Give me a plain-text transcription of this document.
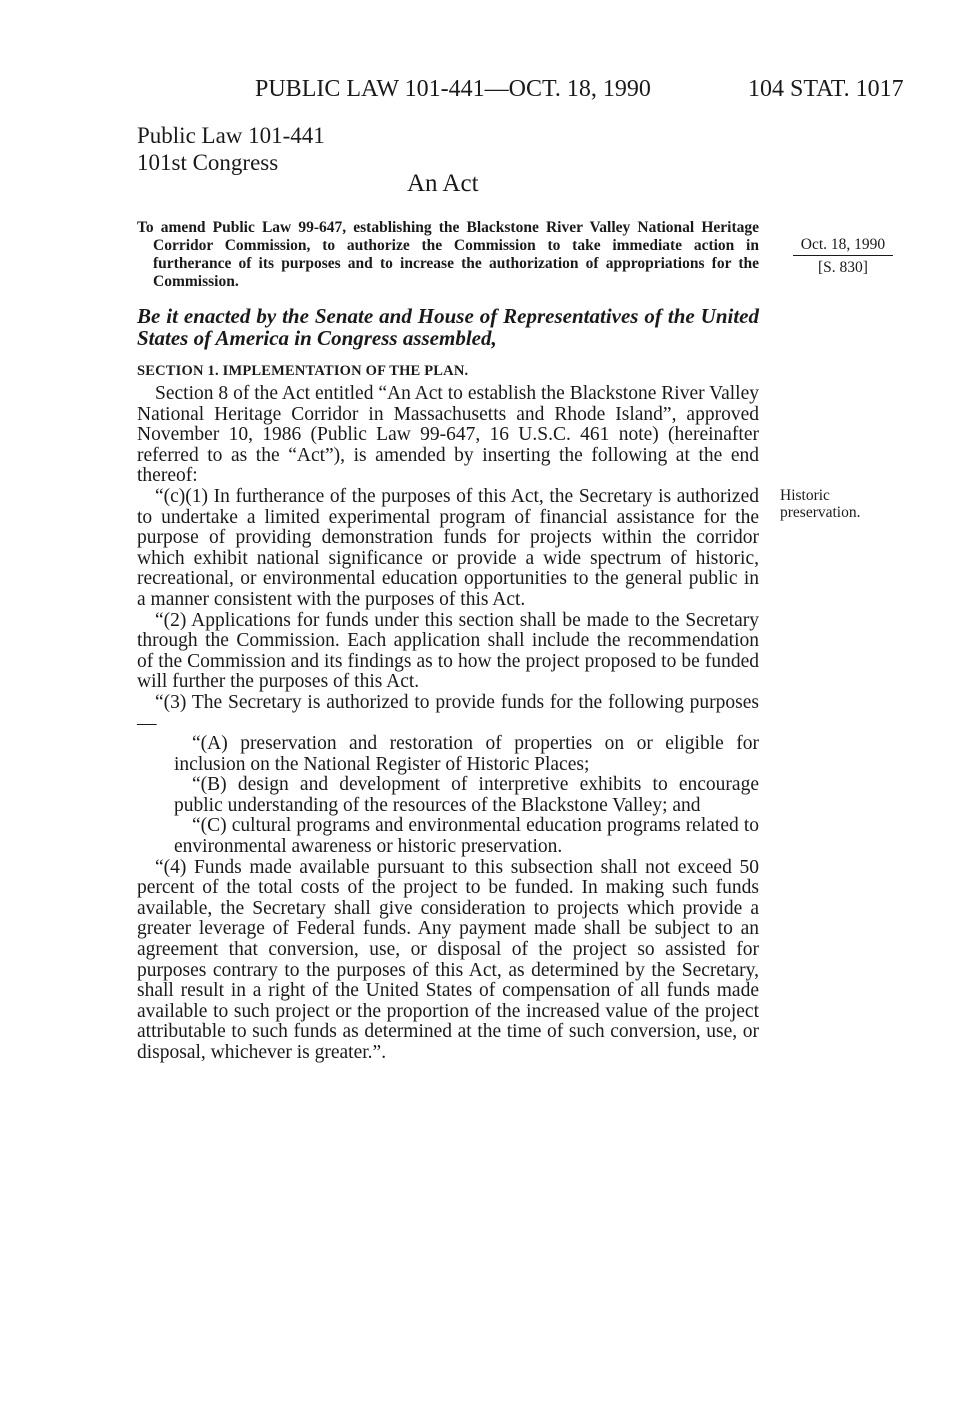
PUBLIC LAW 101-441—OCT. 18, 1990	104 STAT. 1017
Public Law 101-441
101st Congress
An Act
To amend Public Law 99-647, establishing the Blackstone River Valley National Heritage Corridor Commission, to authorize the Commission to take immediate action in furtherance of its purposes and to increase the authorization of appropriations for the Commission.
Oct. 18, 1990
[S. 830]
Be it enacted by the Senate and House of Representatives of the United States of America in Congress assembled,
SECTION 1. IMPLEMENTATION OF THE PLAN.

Section 8 of the Act entitled “An Act to establish the Blackstone River Valley National Heritage Corridor in Massachusetts and Rhode Island”, approved November 10, 1986 (Public Law 99-647, 16 U.S.C. 461 note) (hereinafter referred to as the “Act”), is amended by inserting the following at the end thereof:

“(c)(1) In furtherance of the purposes of this Act, the Secretary is authorized to undertake a limited experimental program of financial assistance for the purpose of providing demonstration funds for projects within the corridor which exhibit national significance or provide a wide spectrum of historic, recreational, or environmental education opportunities to the general public in a manner consistent with the purposes of this Act.

“(2) Applications for funds under this section shall be made to the Secretary through the Commission. Each application shall include the recommendation of the Commission and its findings as to how the project proposed to be funded will further the purposes of this Act.

“(3) The Secretary is authorized to provide funds for the following purposes—

“(A) preservation and restoration of properties on or eligible for inclusion on the National Register of Historic Places;

“(B) design and development of interpretive exhibits to encourage public understanding of the resources of the Blackstone Valley; and

“(C) cultural programs and environmental education programs related to environmental awareness or historic preservation.

“(4) Funds made available pursuant to this subsection shall not exceed 50 percent of the total costs of the project to be funded. In making such funds available, the Secretary shall give consideration to projects which provide a greater leverage of Federal funds. Any payment made shall be subject to an agreement that conversion, use, or disposal of the project so assisted for purposes contrary to the purposes of this Act, as determined by the Secretary, shall result in a right of the United States of compensation of all funds made available to such project or the proportion of the increased value of the project attributable to such funds as determined at the time of such conversion, use, or disposal, whichever is greater.”.

Historic
preservation.
